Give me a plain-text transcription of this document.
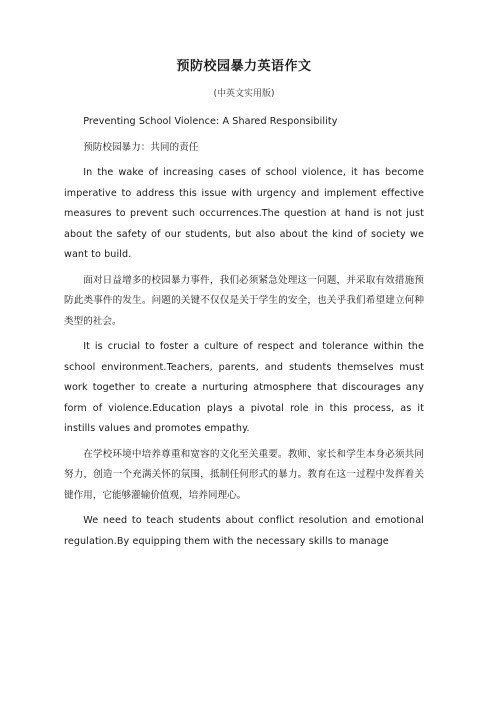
预防校园暴力英语作文
(中英文实用版)

Preventing School Violence: A Shared Responsibility

预防校园暴力：共同的责任

In the wake of increasing cases of school violence, it has become imperative to address this issue with urgency and implement effective measures to prevent such occurrences.The question at hand is not just about the safety of our students, but also about the kind of society we want to build.

面对日益增多的校园暴力事件，我们必须紧急处理这一问题，并采取有效措施预防此类事件的发生。问题的关键不仅仅是关于学生的安全，也关乎我们希望建立何种类型的社会。

It is crucial to foster a culture of respect and tolerance within the school environment.Teachers, parents, and students themselves must work together to create a nurturing atmosphere that discourages any form of violence.Education plays a pivotal role in this process, as it instills values and promotes empathy.

在学校环境中培养尊重和宽容的文化至关重要。教师、家长和学生本身必须共同努力，创造一个充满关怀的氛围，抵制任何形式的暴力。教育在这一过程中发挥着关键作用，它能够灌输价值观，培养同理心。

We need to teach students about conflict resolution and emotional regulation.By equipping them with the necessary skills to manage
